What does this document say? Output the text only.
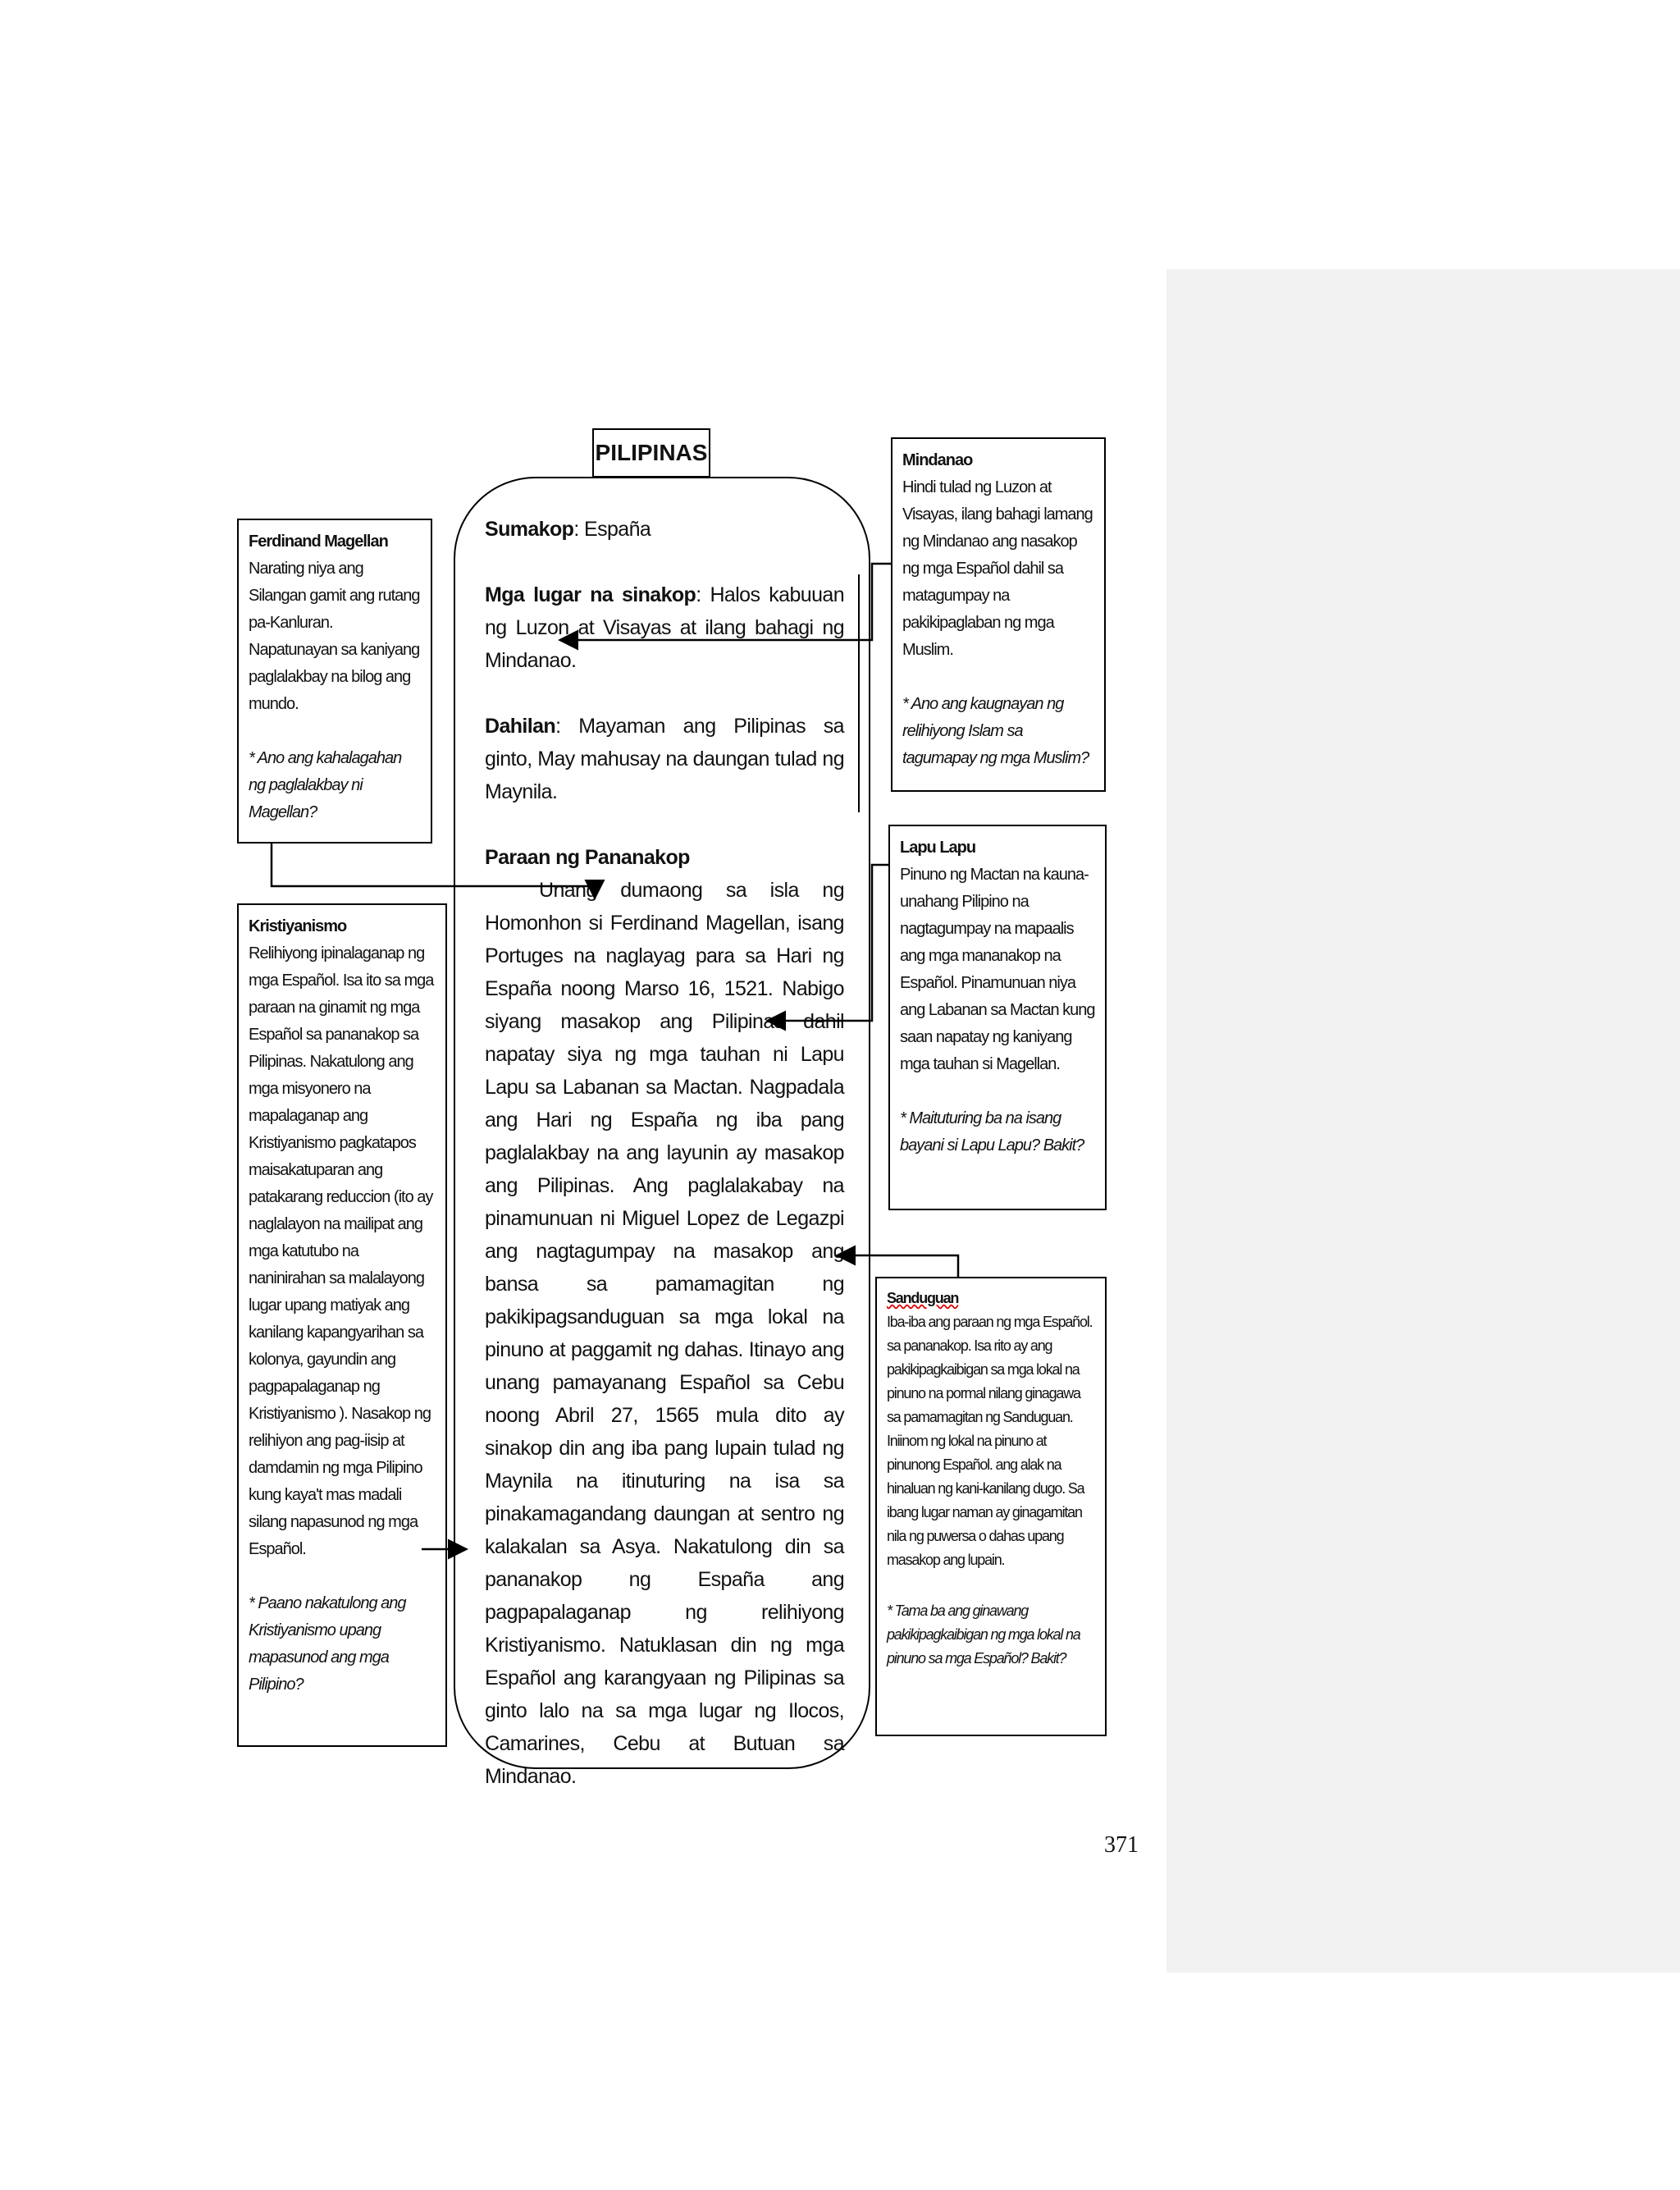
PILIPINAS

Sumakop: España

Mga lugar na sinakop: Halos kabuuan ng Luzon at Visayas at ilang bahagi ng Mindanao.

Dahilan: Mayaman ang Pilipinas sa ginto, May mahusay na daungan tulad ng Maynila.

Paraan ng Pananakop

Unang dumaong sa isla ng Homonhon si Ferdinand Magellan, isang Portuges na naglayag para sa Hari ng España noong Marso 16, 1521. Nabigo siyang masakop ang Pilipinas dahil napatay siya ng mga tauhan ni Lapu Lapu sa Labanan sa Mactan. Nagpadala ang Hari ng España ng iba pang paglalakbay na ang layunin ay masakop ang Pilipinas. Ang paglalakabay na pinamunuan ni Miguel Lopez de Legazpi ang nagtagumpay na masakop ang bansa sa pamamagitan ng pakikipagsanduguan sa mga lokal na pinuno at paggamit ng dahas. Itinayo ang unang pamayanang Español sa Cebu noong Abril 27, 1565 mula dito ay sinakop din ang iba pang lupain tulad ng Maynila na itinuturing na isa sa pinakamagandang daungan at sentro ng kalakalan sa Asya. Nakatulong din sa pananakop ng España ang pagpapalaganap ng relihiyong Kristiyanismo. Natuklasan din ng mga Español ang karangyaan ng Pilipinas sa ginto lalo na sa mga lugar ng Ilocos, Camarines, Cebu at Butuan sa Mindanao.

Ferdinand Magellan
Narating niya ang Silangan gamit ang rutang pa-Kanluran. Napatunayan sa kaniyang paglalakbay na bilog ang mundo.
* Ano ang kahalagahan ng paglalakbay ni Magellan?
Kristiyanismo
Relihiyong ipinalaganap ng mga Español. Isa ito sa mga paraan na ginamit ng mga Español sa pananakop sa Pilipinas. Nakatulong ang mga misyonero na mapalaganap ang Kristiyanismo pagkatapos maisakatuparan ang patakarang reduccion (ito ay naglalayon na mailipat ang mga katutubo na naninirahan sa malalayong lugar upang matiyak ang kanilang kapangyarihan sa kolonya, gayundin ang pagpapalaganap ng Kristiyanismo ). Nasakop ng relihiyon ang pag-iisip at damdamin ng mga Pilipino kung kaya't mas madali silang napasunod ng mga Español.
* Paano nakatulong ang Kristiyanismo upang mapasunod ang mga Pilipino?
Mindanao
Hindi tulad ng Luzon at Visayas, ilang bahagi lamang ng Mindanao ang nasakop ng mga Español dahil sa matagumpay na pakikipaglaban ng mga Muslim.
* Ano ang kaugnayan ng relihiyong Islam sa tagumapay ng mga Muslim?
Lapu Lapu
Pinuno ng Mactan na kauna-unahang Pilipino na nagtagumpay na mapaalis ang mga mananakop na Español. Pinamunuan niya ang Labanan sa Mactan kung saan napatay ng kaniyang mga tauhan si Magellan.
* Maituturing ba na isang bayani si Lapu Lapu? Bakit?
Sanduguan
Iba-iba ang paraan ng mga Español. sa pananakop. Isa rito ay ang pakikipagkaibigan sa mga lokal na pinuno na pormal nilang ginagawa sa pamamagitan ng Sanduguan. Iniinom ng lokal na pinuno at pinunong Español. ang alak na hinaluan ng kani-kanilang dugo. Sa ibang lugar naman ay ginagamitan nila ng puwersa o dahas upang masakop ang lupain.
* Tama ba ang ginawang pakikipagkaibigan ng mga lokal na pinuno sa mga Español? Bakit?
371
